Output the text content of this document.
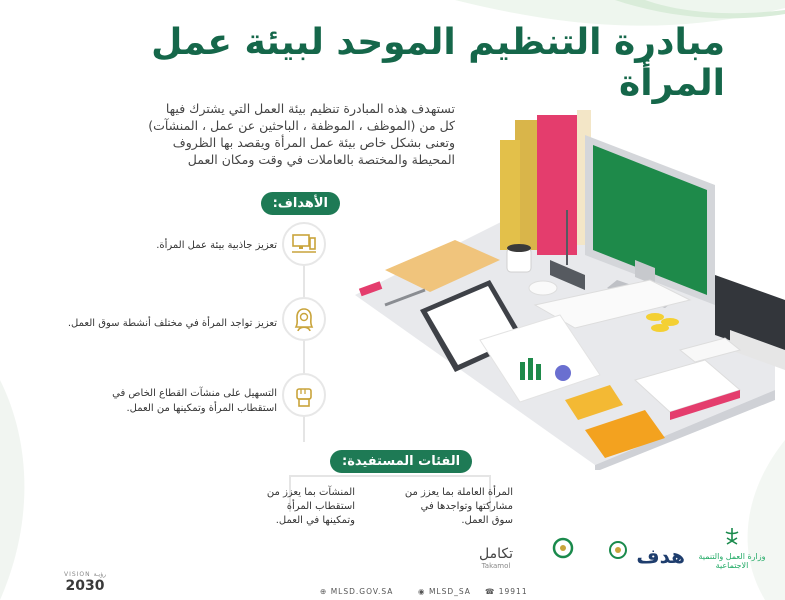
مبادرة التنظيم الموحد لبيئة عمل المرأة
تستهدف هذه المبادرة تنظيم بيئة العمل التي يشترك فيها
كل من (الموظف ، الموظفة ، الباحثين عن عمل ، المنشآت)
وتعنى بشكل خاص بيئة عمل المرأة ويقصد بها الظروف
المحيطة والمختصة بالعاملات في وقت ومكان العمل
الأهداف:
تعزيز جاذبية بيئة عمل المرأة.
تعزيز تواجد المرأة في مختلف أنشطة سوق العمل.
التسهيل على منشآت القطاع الخاص في
استقطاب المرأة وتمكينها من العمل.
الفئات المستفيدة:
المرأة العاملة بما يعزز من
مشاركتها وتواجدها في
سوق العمل.
المنشآت بما يعزز من
استقطاب المرأة
وتمكينها في العمل.
VISION رؤيـة
2030	⊕ MLSD.GOV.SA	◉ MLSD_SA ☎ 19911
وزارة العمل والتنمية الاجتماعية
هدف
تكامل
Takamol
